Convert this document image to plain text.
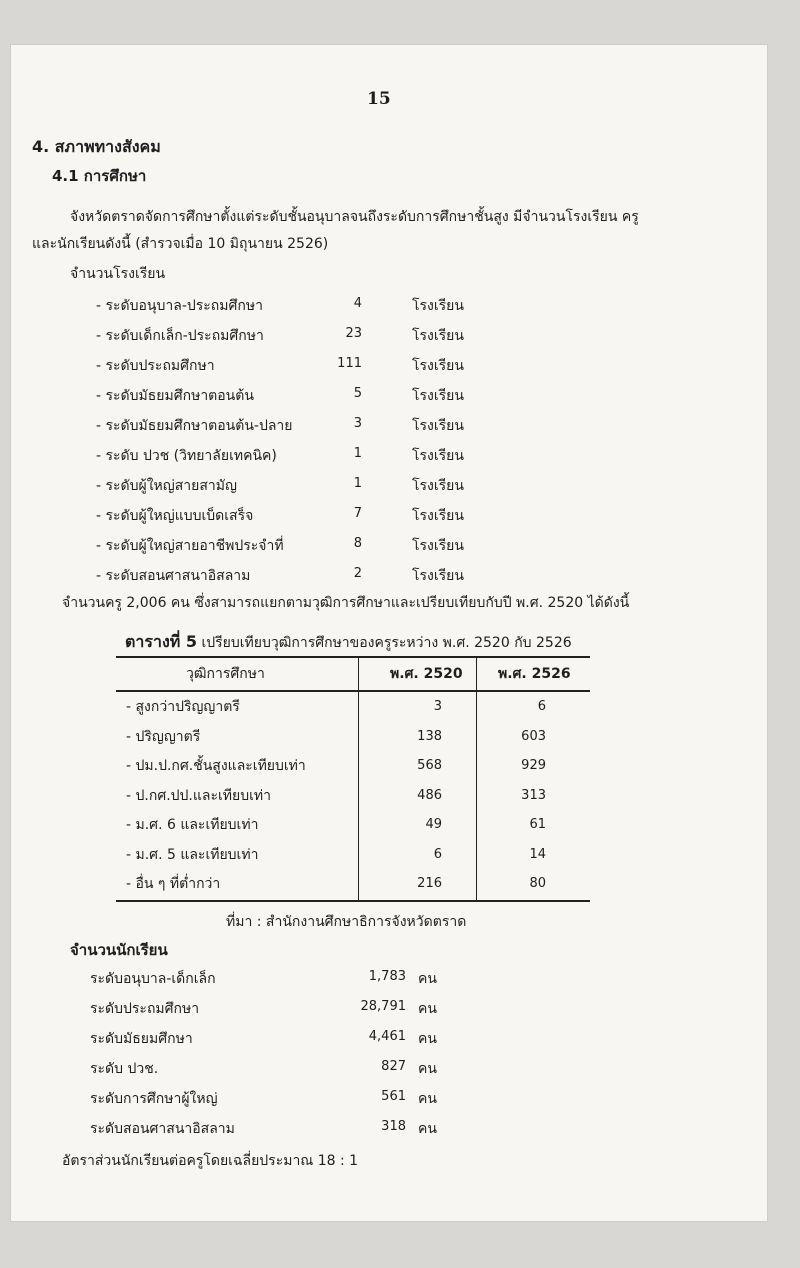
15
4. สภาพทางสังคม
4.1 การศึกษา
จังหวัดตราดจัดการศึกษาตั้งแต่ระดับชั้นอนุบาลจนถึงระดับการศึกษาชั้นสูง มีจำนวนโรงเรียน ครู
และนักเรียนดังนี้ (สำรวจเมื่อ 10 มิถุนายน 2526)
จำนวนโรงเรียน
- ระดับอนุบาล-ประถมศึกษา	4	โรงเรียน
- ระดับเด็กเล็ก-ประถมศึกษา	23	โรงเรียน
- ระดับประถมศึกษา	111	โรงเรียน
- ระดับมัธยมศึกษาตอนต้น	5	โรงเรียน
- ระดับมัธยมศึกษาตอนต้น-ปลาย	3	โรงเรียน
- ระดับ ปวช (วิทยาลัยเทคนิค)	1	โรงเรียน
- ระดับผู้ใหญ่สายสามัญ	1	โรงเรียน
- ระดับผู้ใหญ่แบบเบ็ดเสร็จ	7	โรงเรียน
- ระดับผู้ใหญ่สายอาชีพประจำที่	8	โรงเรียน
- ระดับสอนศาสนาอิสลาม	2	โรงเรียน
จำนวนครู 2,006 คน ซึ่งสามารถแยกตามวุฒิการศึกษาและเปรียบเทียบกับปี พ.ศ. 2520 ได้ดังนี้
ตารางที่ 5 เปรียบเทียบวุฒิการศึกษาของครูระหว่าง พ.ศ. 2520 กับ 2526
วุฒิการศึกษา	พ.ศ. 2520	พ.ศ. 2526
- สูงกว่าปริญญาตรี	3	6
- ปริญญาตรี	138	603
- ปม.ป.กศ.ชั้นสูงและเทียบเท่า	568	929
- ป.กศ.ปป.และเทียบเท่า	486	313
- ม.ศ. 6 และเทียบเท่า	49	61
- ม.ศ. 5 และเทียบเท่า	6	14
- อื่น ๆ ที่ต่ำกว่า	216	80
ที่มา : สำนักงานศึกษาธิการจังหวัดตราด
จำนวนนักเรียน
ระดับอนุบาล-เด็กเล็ก	1,783 คน
ระดับประถมศึกษา	28,791 คน
ระดับมัธยมศึกษา	4,461 คน
ระดับ ปวช.	827 คน
ระดับการศึกษาผู้ใหญ่	561 คน
ระดับสอนศาสนาอิสลาม	318 คน
อัตราส่วนนักเรียนต่อครูโดยเฉลี่ยประมาณ 18 : 1
